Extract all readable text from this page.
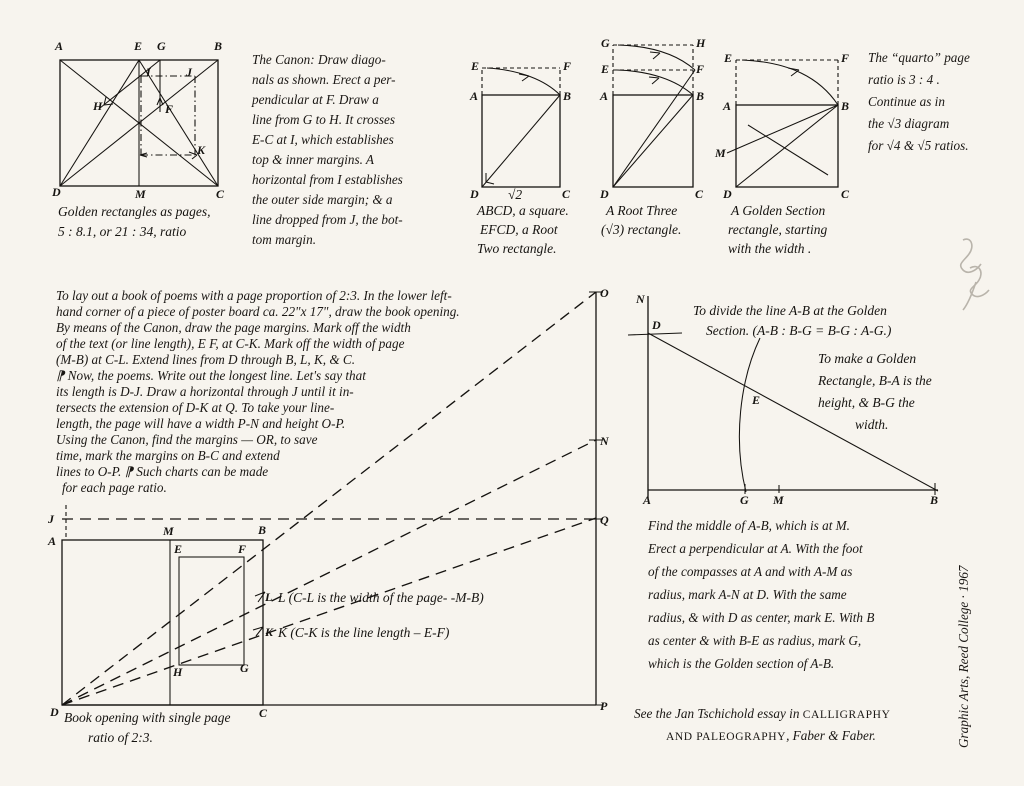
A	E G	B
I	J
H	F
K
D	M	C
Golden rectangles as pages,
5 : 8.1, or 21 : 34, ratio
The Canon: Draw diago-
nals as shown. Erect a per-
pendicular at F. Draw a
line from G to H. It crosses
E-C at I, which establishes
top & inner margins. A
horizontal from I establishes
the outer side margin; & a
line dropped from J, the bot-
tom margin.
E	F
A	B
D	C
√2
ABCD, a square.
EFCD, a Root
Two rectangle.
G	H
E	F
A	B
D	C
A Root Three
(√3) rectangle.
E	F
A	B
M
D	C
A Golden Section
rectangle, starting
with the width .
The “quarto” page
ratio is 3 : 4 .
Continue as in
the √3 diagram
for √4 & √5 ratios.
To lay out a book of poems with a page proportion of 2:3. In the lower left-
hand corner of a piece of poster board ca. 22"x 17", draw the book opening.
By means of the Canon, draw the page margins. Mark off the width
of the text (or line length), E F, at C-K. Mark off the width of page
(M-B) at C-L. Extend lines from D through B, L, K, & C.
⁋ Now, the poems. Write out the longest line. Let's say that
its length is D-J. Draw a horizontal through J until it in-
tersects the extension of D-K at Q. To take your line-
length, the page will have a width P-N and height O-P.
Using the Canon, find the margins — OR, to save
time, mark the margins on B-C and extend
lines to O-P. ⁋ Such charts can be made
for each page ratio.
J
A
M	B
E	F
L
K
H	G
D	C
O
N
Q
P
L (C-L is the width of the page- -M-B)
K (C-K is the line length – E-F)
Book opening with single page
ratio of 2:3.
N
D
E
A	G M	B
To divide the line A-B at the Golden
Section. (A-B : B-G = B-G : A-G.)
To make a Golden
Rectangle, B-A is the
height, & B-G the
width.
Find the middle of A-B, which is at M.
Erect a perpendicular at A. With the foot
of the compasses at A and with A-M as
radius, mark A-N at D. With the same
radius, & with D as center, mark E. With B
as center & with B-E as radius, mark G,
which is the Golden section of A-B.
See the Jan Tschichold essay in CALLIGRAPHY
AND PALEOGRAPHY, Faber & Faber.	Graphic Arts, Reed College · 1967
